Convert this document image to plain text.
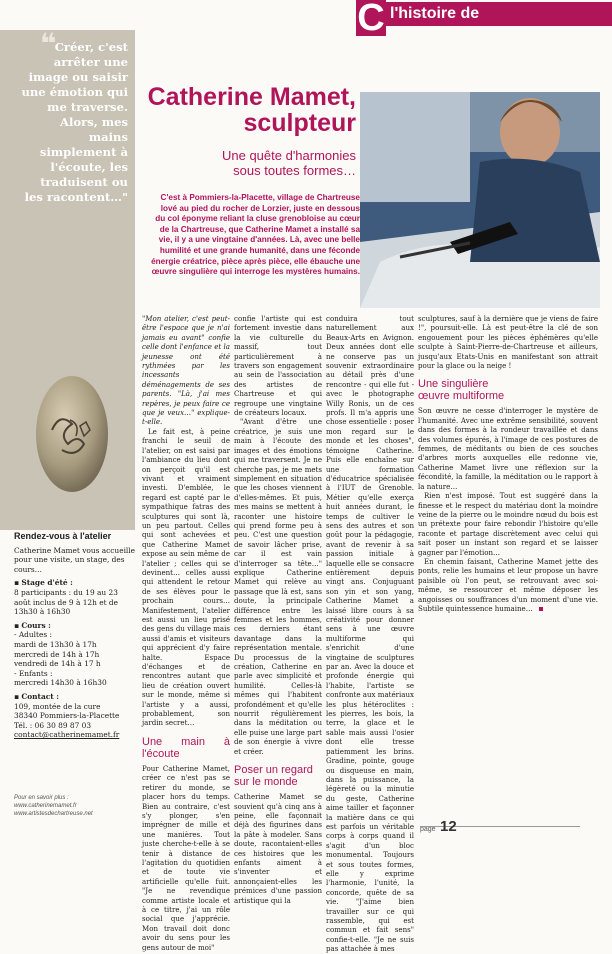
C l'histoire de
❝
Créer, c'est arrêter une image ou saisir une émotion qui me traverse. Alors, mes mains simplement à l'écoute, les traduisent ou les racontent…"
Rendez-vous à l'atelier
Catherine Mamet vous accueille pour une visite, un stage, des cours…
▪ Stage d'été :
8 participants : du 19 au 23 août inclus de 9 à 12h et de 13h30 à 16h30
▪ Cours :
- Adultes :
mardi de 13h30 à 17h
mercredi de 14h à 17h
vendredi de 14h à 17 h
- Enfants :
mercredi 14h30 à 16h30
▪ Contact :
109, montée de la cure
38340 Pommiers-la-Placette
Tél. : 06 30 89 87 03
contact@catherinemamet.fr
Pour en savoir plus :
www.catherinemamet.fr
www.artistesdechartreuse.net
Catherine Mamet,
sculpteur
Une quête d'harmonies
sous toutes formes…
C'est à Pommiers-la-Placette, village de Chartreuse lové au pied du rocher de Lorzier, juste en dessous du col éponyme reliant la cluse grenobloise au cœur de la Chartreuse, que Catherine Mamet a installé sa vie, il y a une vingtaine d'années. Là, avec une belle humilité et une grande humanité, dans une féconde énergie créatrice, pièce après pièce, elle ébauche une œuvre singulière qui interroge les mystères humains.

"Mon atelier, c'est peut-être l'espace que je n'ai jamais eu avant" confie celle dont l'enfance et la jeunesse ont été rythmées par les incessants déménagements de ses parents. "Là, j'ai mes repères, je peux faire ce que je veux…" explique-t-elle.

Le fait est, à peine franchi le seuil de l'atelier, on est saisi par l'ambiance du lieu dont on perçoit qu'il est vivant et vraiment investi. D'emblée, le regard est capté par le sympathique fatras des sculptures qui sont là, un peu partout. Celles qui sont achevées et que Catherine Mamet expose au sein même de l'atelier ; celles qui se devinent… celles aussi qui attendent le retour de ses élèves pour le prochain cours… Manifestement, l'atelier est aussi un lieu prisé des gens du village mais aussi d'amis et visiteurs qui apprécient d'y faire halte. Espace d'échanges et de rencontres autant que lieu de création ouvert sur le monde, même si l'artiste y a aussi, probablement, son jardin secret…

Une main à l'écoute

Pour Catherine Mamet, créer ce n'est pas se retirer du monde, se placer hors du temps. Bien au contraire, c'est s'y plonger, s'en imprégner de mille et une manières. Tout juste cherche-t-elle à se tenir à distance de l'agitation du quotidien et de toute vie artificielle qu'elle fuit. "Je ne revendique comme artiste locale et à ce titre, j'ai un rôle social que j'apprécie. Mon travail doit donc avoir du sens pour les gens autour de moi"

confie l'artiste qui est fortement investie dans la vie culturelle du massif, tout particulièrement à travers son engagement au sein de l'association des artistes de Chartreuse et qui regroupe une vingtaine de créateurs locaux.

"Avant d'être une créatrice, je suis une main à l'écoute des images et des émotions qui me traversent. Je ne cherche pas, je me mets simplement en situation que les choses viennent d'elles-mêmes. Et puis, mes mains se mettent à raconter une histoire qui prend forme peu à peu. C'est une question de savoir lâcher prise, car il est vain d'interroger sa tête…" explique Catherine Mamet qui relève au passage que là est, sans doute, la principale différence entre les femmes et les hommes, ces derniers étant davantage dans la représentation mentale. Du processus de la création, Catherine en parle avec simplicité et humilité. Celles-là mêmes qui l'habitent profondément et qu'elle nourrit régulièrement dans la méditation ou elle puise une large part de son énergie à vivre et créer.

Poser un regard
sur le monde

Catherine Mamet se souvient qu'à cinq ans à peine, elle façonnait déjà des figurines dans la pâte à modeler. Sans doute, racontaient-elles ces histoires que les enfants aiment à s'inventer et annonçaient-elles les prémices d'une passion artistique qui la

conduira tout naturellement aux Beaux-Arts en Avignon. Deux années dont elle ne conserve pas un souvenir extraordinaire au détail près d'une rencontre - qui elle fut - avec le photographe Willy Ronis, un de ces profs. Il m'a appris une chose essentielle : poser mon regard sur le monde et les choses", témoigne Catherine. Puis elle enchaîne sur une formation d'éducatrice spécialisée à l'IUT de Grenoble. Métier qu'elle exerça huit années durant, le temps de cultiver le sens des autres et son goût pour la pédagogie, avant de revenir à sa passion initiale à laquelle elle se consacre entièrement depuis vingt ans. Conjuguant son yin et son yang, Catherine Mamet a laissé libre cours à sa créativité pour donner sens à une œuvre multiforme qui s'enrichit d'une vingtaine de sculptures par an. Avec la douce et profonde énergie qui l'habite, l'artiste se confronte aux matériaux les plus hétéroclites : les pierres, les bois, la terre, la glace et le sable mais aussi l'osier dont elle tresse patiemment les brins. Gradine, pointe, gouge ou disqueuse en main, dans la puissance, la légèreté ou la minutie du geste, Catherine aime tailler et façonner la matière dans ce qui est parfois un véritable corps à corps quand il s'agit d'un bloc monumental. Toujours et sous toutes formes, elle y exprime l'harmonie, l'unité, la concorde, quête de sa vie. "J'aime bien travailler sur ce qui rassemble, qui est commun et fait sens" confie-t-elle. "Je ne suis pas attachée à mes

sculptures, sauf à la dernière que je viens de faire !", poursuit-elle. Là est peut-être la clé de son engouement pour les pièces éphémères qu'elle sculpte à Saint-Pierre-de-Chartreuse et ailleurs, jusqu'aux Etats-Unis en manifestant son attrait pour la glace ou la neige !

Une singulière
œuvre multiforme

Son œuvre ne cesse d'interroger le mystère de l'humanité. Avec une extrême sensibilité, souvent dans des formes à la rondeur travaillée et dans des volumes épurés, à l'image de ces postures de femmes, de méditants ou bien de ces souches d'arbres morts auxquelles elle redonne vie, Catherine Mamet livre une réflexion sur la fécondité, la famille, la méditation ou le rapport à la nature…

Rien n'est imposé. Tout est suggéré dans la finesse et le respect du matériau dont la moindre veine de la pierre ou le moindre nœud du bois est un prétexte pour faire rebondir l'histoire qu'elle raconte et partage discrètement avec celui qui sait poser un instant son regard et se laisser gagner par l'émotion…

En chemin faisant, Catherine Mamet jette des ponts, relie les humains et leur propose un havre paisible où l'on peut, se retrouvant avec soi-même, se ressourcer et même déposer les angoisses ou souffrances d'un moment d'une vie. Subtile quintessence humaine…

page 12
